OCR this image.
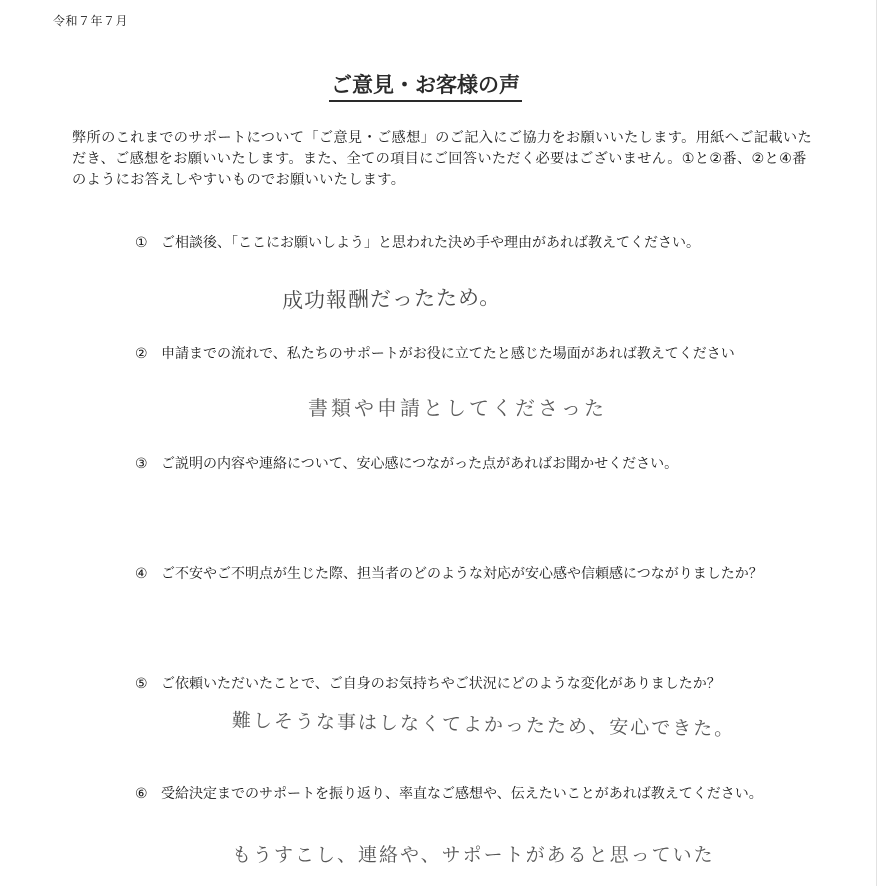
令和７年７月
ご意見・お客様の声

弊所のこれまでのサポートについて「ご意見・ご感想」のご記入にご協力をお願いいたします。用紙へご記載いただき、ご感想をお願いいたします。また、全ての項目にご回答いただく必要はございません。①と②番、②と④番のようにお答えしやすいものでお願いいたします。

① ご相談後、「ここにお願いしよう」と思われた決め手や理由があれば教えてください。
成功報酬だったため。
② 申請までの流れで、私たちのサポートがお役に立てたと感じた場面があれば教えてください
書類や申請としてくださった
③ ご説明の内容や連絡について、安心感につながった点があればお聞かせください。
④ ご不安やご不明点が生じた際、担当者のどのような対応が安心感や信頼感につながりましたか？
⑤ ご依頼いただいたことで、ご自身のお気持ちやご状況にどのような変化がありましたか？
難しそうな事はしなくてよかったため、安心できた。
⑥ 受給決定までのサポートを振り返り、率直なご感想や、伝えたいことがあれば教えてください。
もうすこし、連絡や、サポートがあると思っていた
